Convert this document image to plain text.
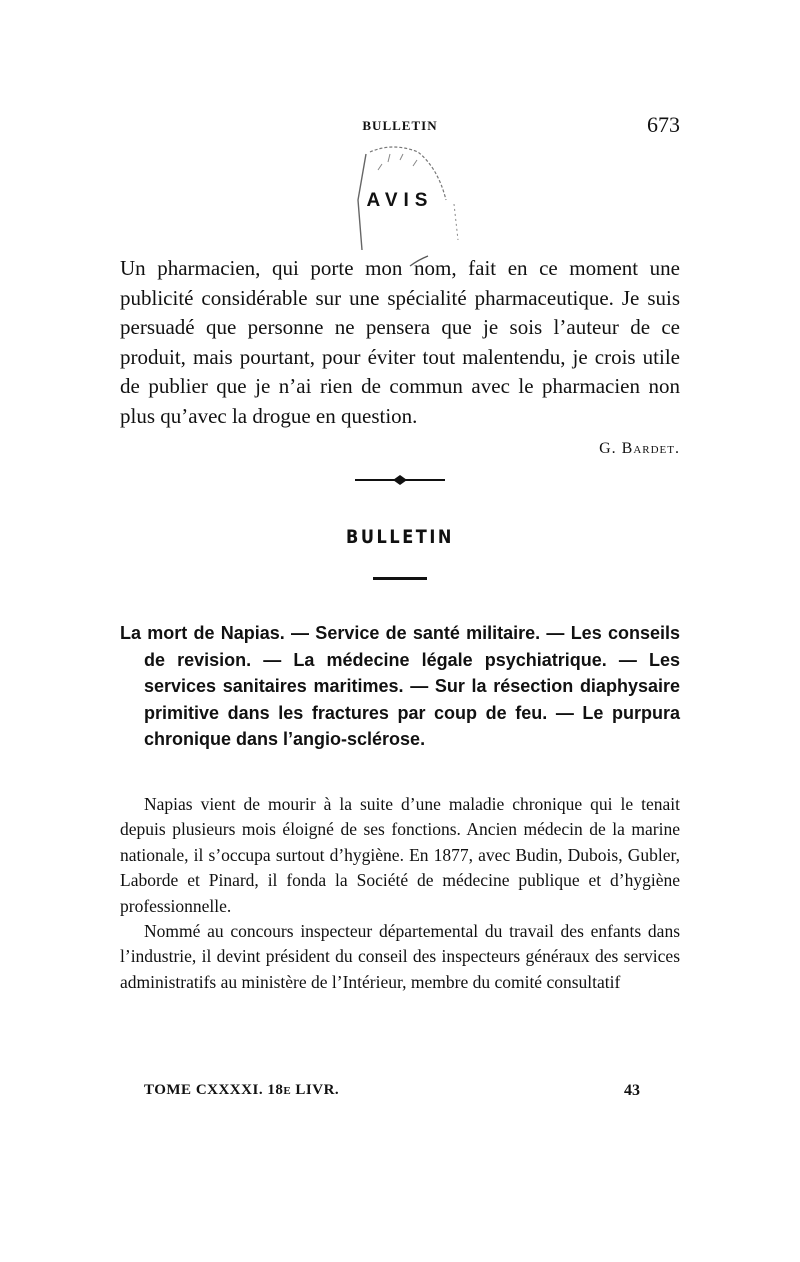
BULLETIN	673
AVIS

Un pharmacien, qui porte mon nom, fait en ce moment une publicité considérable sur une spécialité pharmaceutique. Je suis persuadé que personne ne pensera que je sois l’auteur de ce produit, mais pourtant, pour éviter tout malentendu, je crois utile de publier que je n’ai rien de commun avec le pharmacien non plus qu’avec la drogue en question.

G. Bardet.
BULLETIN

La mort de Napias. — Service de santé militaire. — Les conseils de revision. — La médecine légale psychiatrique. — Les services sanitaires maritimes. — Sur la résection diaphysaire primitive dans les fractures par coup de feu. — Le purpura chronique dans l’angio-sclérose.

Napias vient de mourir à la suite d’une maladie chronique qui le tenait depuis plusieurs mois éloigné de ses fonctions. Ancien médecin de la marine nationale, il s’occupa surtout d’hygiène. En 1877, avec Budin, Dubois, Gubler, Laborde et Pinard, il fonda la Société de médecine publique et d’hygiène professionnelle.

Nommé au concours inspecteur départemental du travail des enfants dans l’industrie, il devint président du conseil des inspecteurs généraux des services administratifs au ministère de l’Intérieur, membre du comité consultatif

TOME CXXXXI. 18e LIVR.	43
